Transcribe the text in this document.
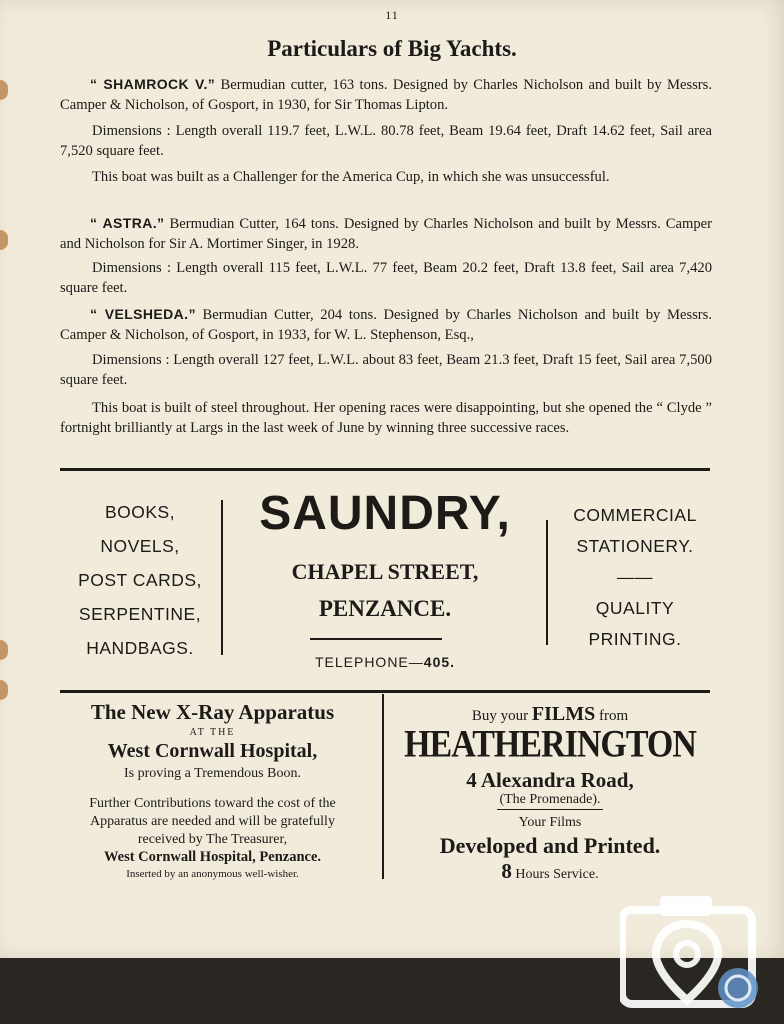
11
Particulars of Big Yachts.

“ SHAMROCK V.” Bermudian cutter, 163 tons. Designed by Charles Nicholson and built by Messrs. Camper & Nicholson, of Gosport, in 1930, for Sir Thomas Lipton.

Dimensions : Length overall 119.7 feet, L.W.L. 80.78 feet, Beam 19.64 feet, Draft 14.62 feet, Sail area 7,520 square feet.

This boat was built as a Challenger for the America Cup, in which she was unsuccessful.

“ ASTRA.” Bermudian Cutter, 164 tons. Designed by Charles Nicholson and built by Messrs. Camper and Nicholson for Sir A. Mortimer Singer, in 1928.

Dimensions : Length overall 115 feet, L.W.L. 77 feet, Beam 20.2 feet, Draft 13.8 feet, Sail area 7,420 square feet.

“ VELSHEDA.” Bermudian Cutter, 204 tons. Designed by Charles Nicholson and built by Messrs. Camper & Nicholson, of Gosport, in 1933, for W. L. Stephenson, Esq.,

Dimensions : Length overall 127 feet, L.W.L. about 83 feet, Beam 21.3 feet, Draft 15 feet, Sail area 7,500 square feet.

This boat is built of steel throughout. Her opening races were disappointing, but she opened the “ Clyde ” fortnight brilliantly at Largs in the last week of June by winning three successive races.

BOOKS,
NOVELS,
POST CARDS,
SERPENTINE,
HANDBAGS.
SAUNDRY,
CHAPEL STREET,
PENZANCE.
TELEPHONE—405.
COMMERCIAL
STATIONERY.
——
QUALITY
PRINTING.
The New X-Ray Apparatus
AT THE
West Cornwall Hospital,
Is proving a Tremendous Boon.
Further Contributions toward the cost of the
Apparatus are needed and will be gratefully
received by The Treasurer,
West Cornwall Hospital, Penzance.
Inserted by an anonymous well-wisher.
Buy your FILMS from
HEATHERINGTON
4 Alexandra Road,
(The Promenade).
Your Films
Developed and Printed.
8 Hours Service.
